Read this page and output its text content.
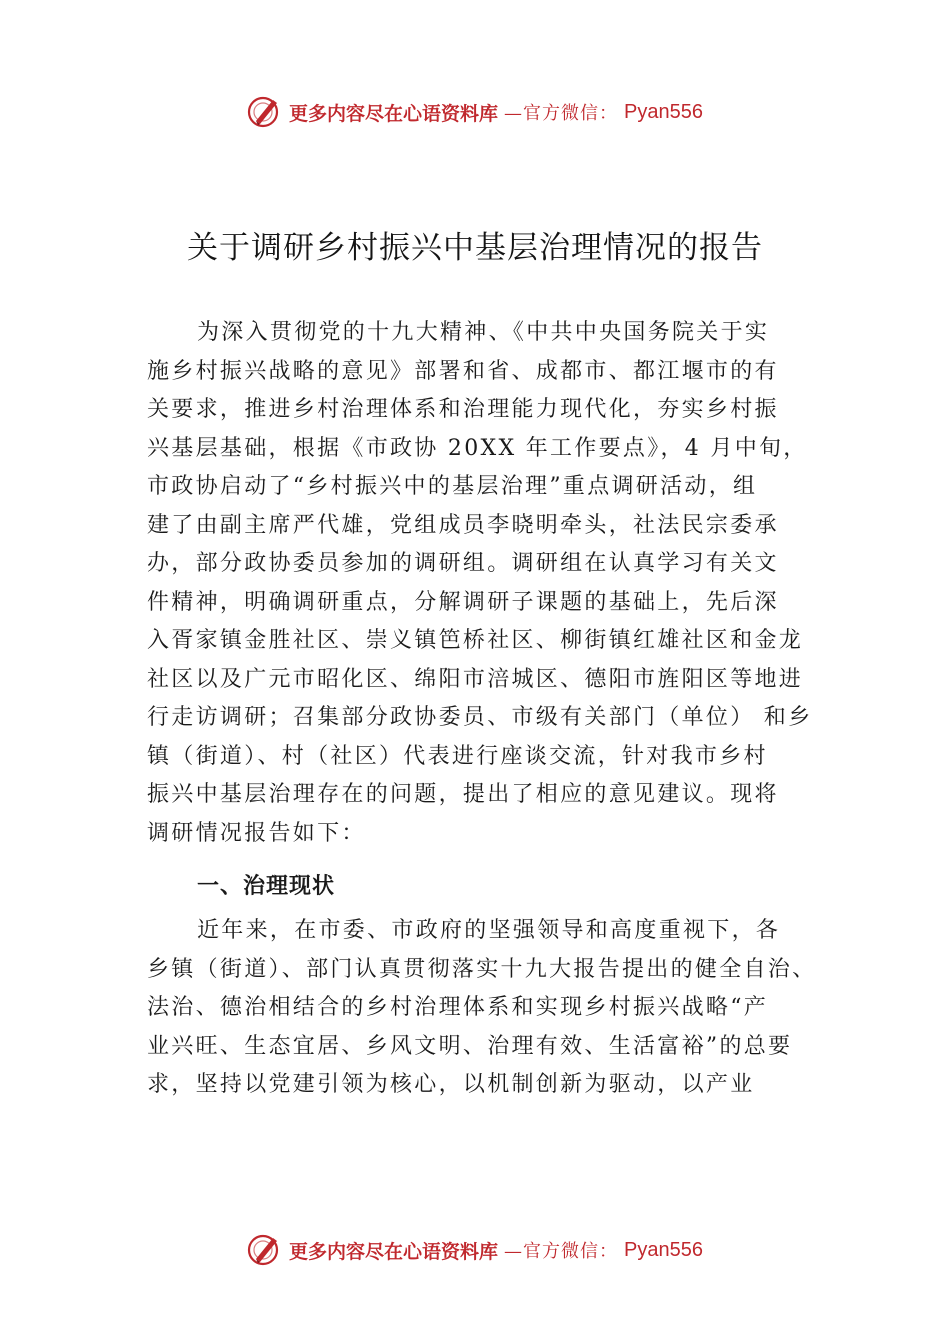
更多内容尽在心语资料库 —官方微信： Pyan556
关于调研乡村振兴中基层治理情况的报告
为深入贯彻党的十九大精神、《中共中央国务院关于实
施乡村振兴战略的意见》部署和省、成都市、都江堰市的有
关要求，推进乡村治理体系和治理能力现代化，夯实乡村振
兴基层基础，根据《市政协 20XX 年工作要点》，4 月中旬，
市政协启动了“乡村振兴中的基层治理”重点调研活动，组
建了由副主席严代雄，党组成员李晓明牵头，社法民宗委承
办，部分政协委员参加的调研组。调研组在认真学习有关文
件精神，明确调研重点，分解调研子课题的基础上，先后深
入胥家镇金胜社区、崇义镇笆桥社区、柳街镇红雄社区和金龙
社区以及广元市昭化区、绵阳市涪城区、德阳市旌阳区等地进
行走访调研；召集部分政协委员、市级有关部门（单位） 和乡
镇（街道）、村（社区）代表进行座谈交流，针对我市乡村
振兴中基层治理存在的问题，提出了相应的意见建议。现将
调研情况报告如下：
一、治理现状
近年来，在市委、市政府的坚强领导和高度重视下，各
乡镇（街道）、部门认真贯彻落实十九大报告提出的健全自治、
法治、德治相结合的乡村治理体系和实现乡村振兴战略“产
业兴旺、生态宜居、乡风文明、治理有效、生活富裕”的总要
求，坚持以党建引领为核心，以机制创新为驱动，以产业
更多内容尽在心语资料库 —官方微信： Pyan556
